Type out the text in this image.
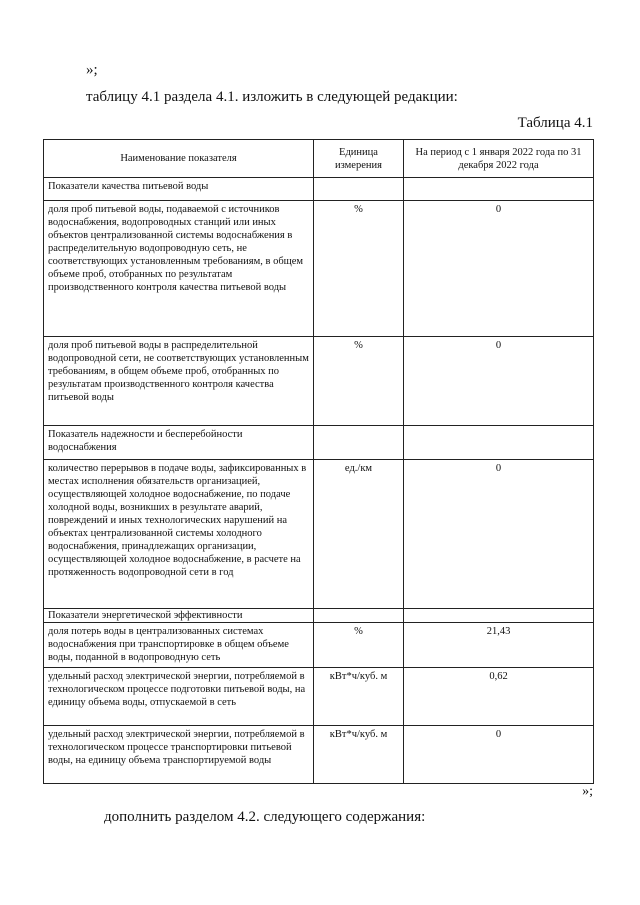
»;
таблицу 4.1 раздела 4.1. изложить в следующей редакции:
Таблица 4.1
Наименование показателя	Единица измерения	На период с 1 января 2022 года по 31 декабря 2022 года
Показатели качества питьевой воды		
доля проб питьевой воды, подаваемой с источников водоснабжения, водопроводных станций или иных объектов централизованной системы водоснабжения в распределительную водопроводную сеть, не соответствующих установленным требованиям, в общем объеме проб, отобранных по результатам производственного контроля качества питьевой воды	%	0
доля проб питьевой воды в распределительной водопроводной сети, не соответствующих установленным требованиям, в общем объеме проб, отобранных по результатам производственного контроля качества питьевой воды	%	0
Показатель надежности и бесперебойности водоснабжения		
количество перерывов в подаче воды, зафиксированных в местах исполнения обязательств организацией, осуществляющей холодное водоснабжение, по подаче холодной воды, возникших в результате аварий, повреждений и иных технологических нарушений на объектах централизованной системы холодного водоснабжения, принадлежащих организации, осуществляющей холодное водоснабжение, в расчете на протяженность водопроводной сети в год	ед./км	0
Показатели энергетической эффективности		
доля потерь воды в централизованных системах водоснабжения при транспортировке в общем объеме воды, поданной в водопроводную сеть	%	21,43
удельный расход электрической энергии, потребляемой в технологическом процессе подготовки питьевой воды, на единицу объема воды, отпускаемой в сеть	кВт*ч/куб. м	0,62
удельный расход электрической энергии, потребляемой в технологическом процессе транспортировки питьевой воды, на единицу объема транспортируемой воды	кВт*ч/куб. м	0
»;
дополнить разделом 4.2. следующего содержания:
